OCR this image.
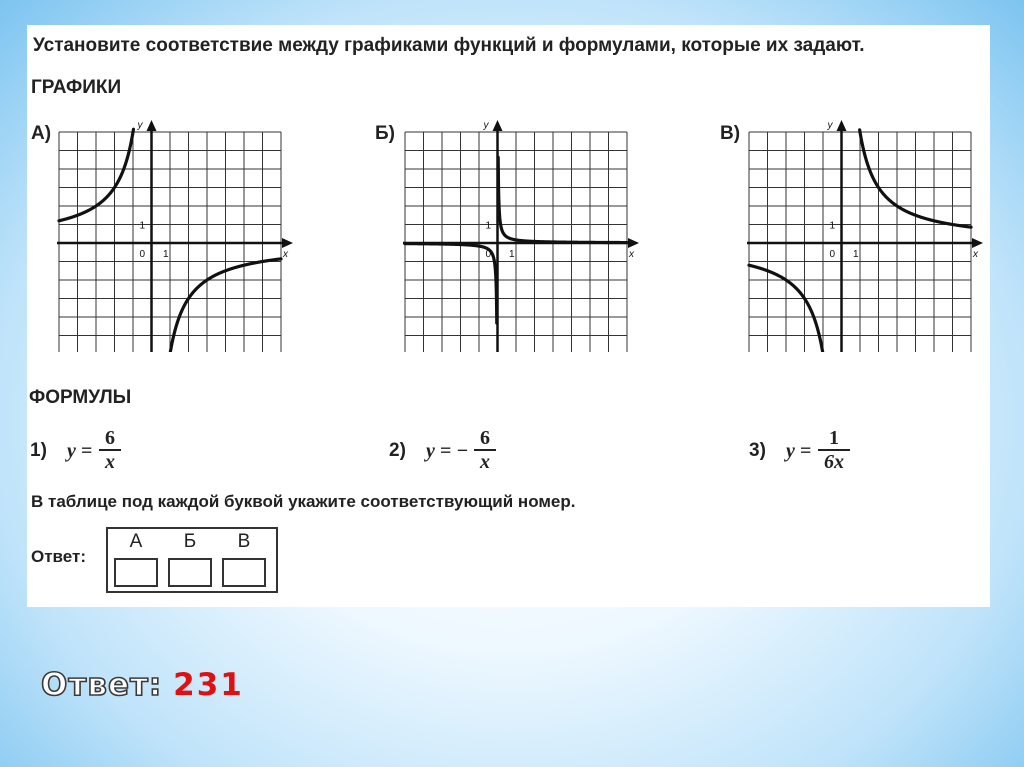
Установите соответствие между графиками функций и формулами, которые их задают.
ГРАФИКИ
А)
x
y
0 1
1
Б)
x
y
0 1
1
В)
x
y
0 1
1
ФОРМУЛЫ
1) y =
6
x
2) y = −
6
x
3) y =
1
6x
В таблице под каждой буквой укажите соответствующий номер.
Ответ:
А	Б	В
Ответ: 231
